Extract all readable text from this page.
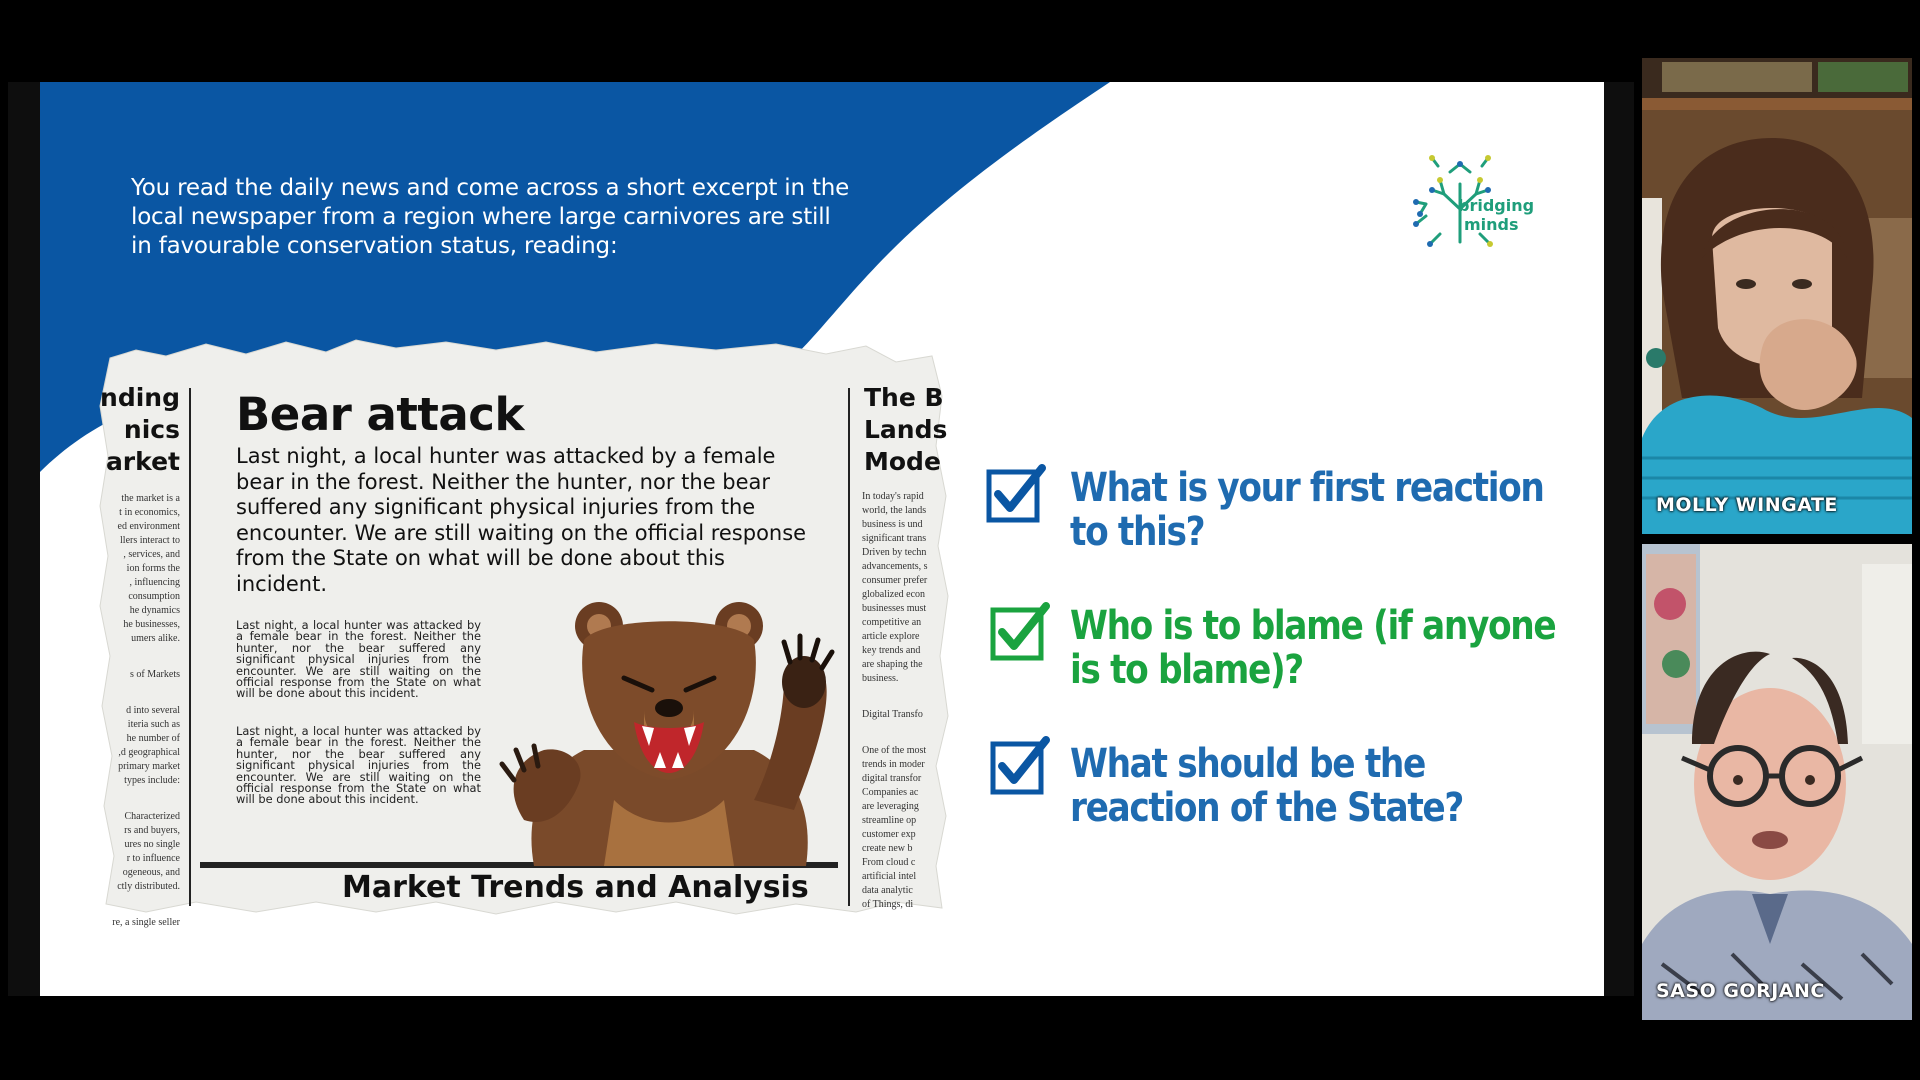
You read the daily news and come across a short excerpt in the local newspaper from a region where large carnivores are still in favourable conservation status, reading:

bridging
minds
nding
nics
arket

the market is a
t in economics,
ed environment
llers interact to
, services, and
ion forms the
, influencing
consumption
he dynamics
he businesses,
umers alike.

s of Markets

d into several
iteria such as
he number of
,d geographical
primary market
types include:

Characterized
rs and buyers,
ures no single
r to influence
ogeneous, and
ctly distributed.

re, a single seller

Bear attack

Last night, a local hunter was attacked by a female bear in the forest. Neither the hunter, nor the bear suffered any significant physical injuries from the encounter. We are still waiting on the official response from the State on what will be done about this incident.

Last night, a local hunter was attacked by a female bear in the forest. Neither the hunter, nor the bear suffered any significant physical injuries from the encounter. We are still waiting on the official response from the State on what will be done about this incident.

Last night, a local hunter was attacked by a female bear in the forest. Neither the hunter, nor the bear suffered any significant physical injuries from the encounter. We are still waiting on the official response from the State on what will be done about this incident.

The B
Lands
Mode

In today's rapid
world, the lands
business is und
significant trans
Driven by techn
advancements, s
consumer prefer
globalized econ
businesses must
competitive an
article explore
key trends and
are shaping the
business.

Digital Transfo

One of the most
trends in moder
digital transfor
Companies ac
are leveraging
streamline op
customer exp
create new b
From cloud c
artificial intel
data analytic
of Things, di

Market Trends and Analysis
What is your first reaction
to this?
Who is to blame (if anyone
is to blame)?
What should be the
reaction of the State?
MOLLY WINGATE
SASO GORJANC
